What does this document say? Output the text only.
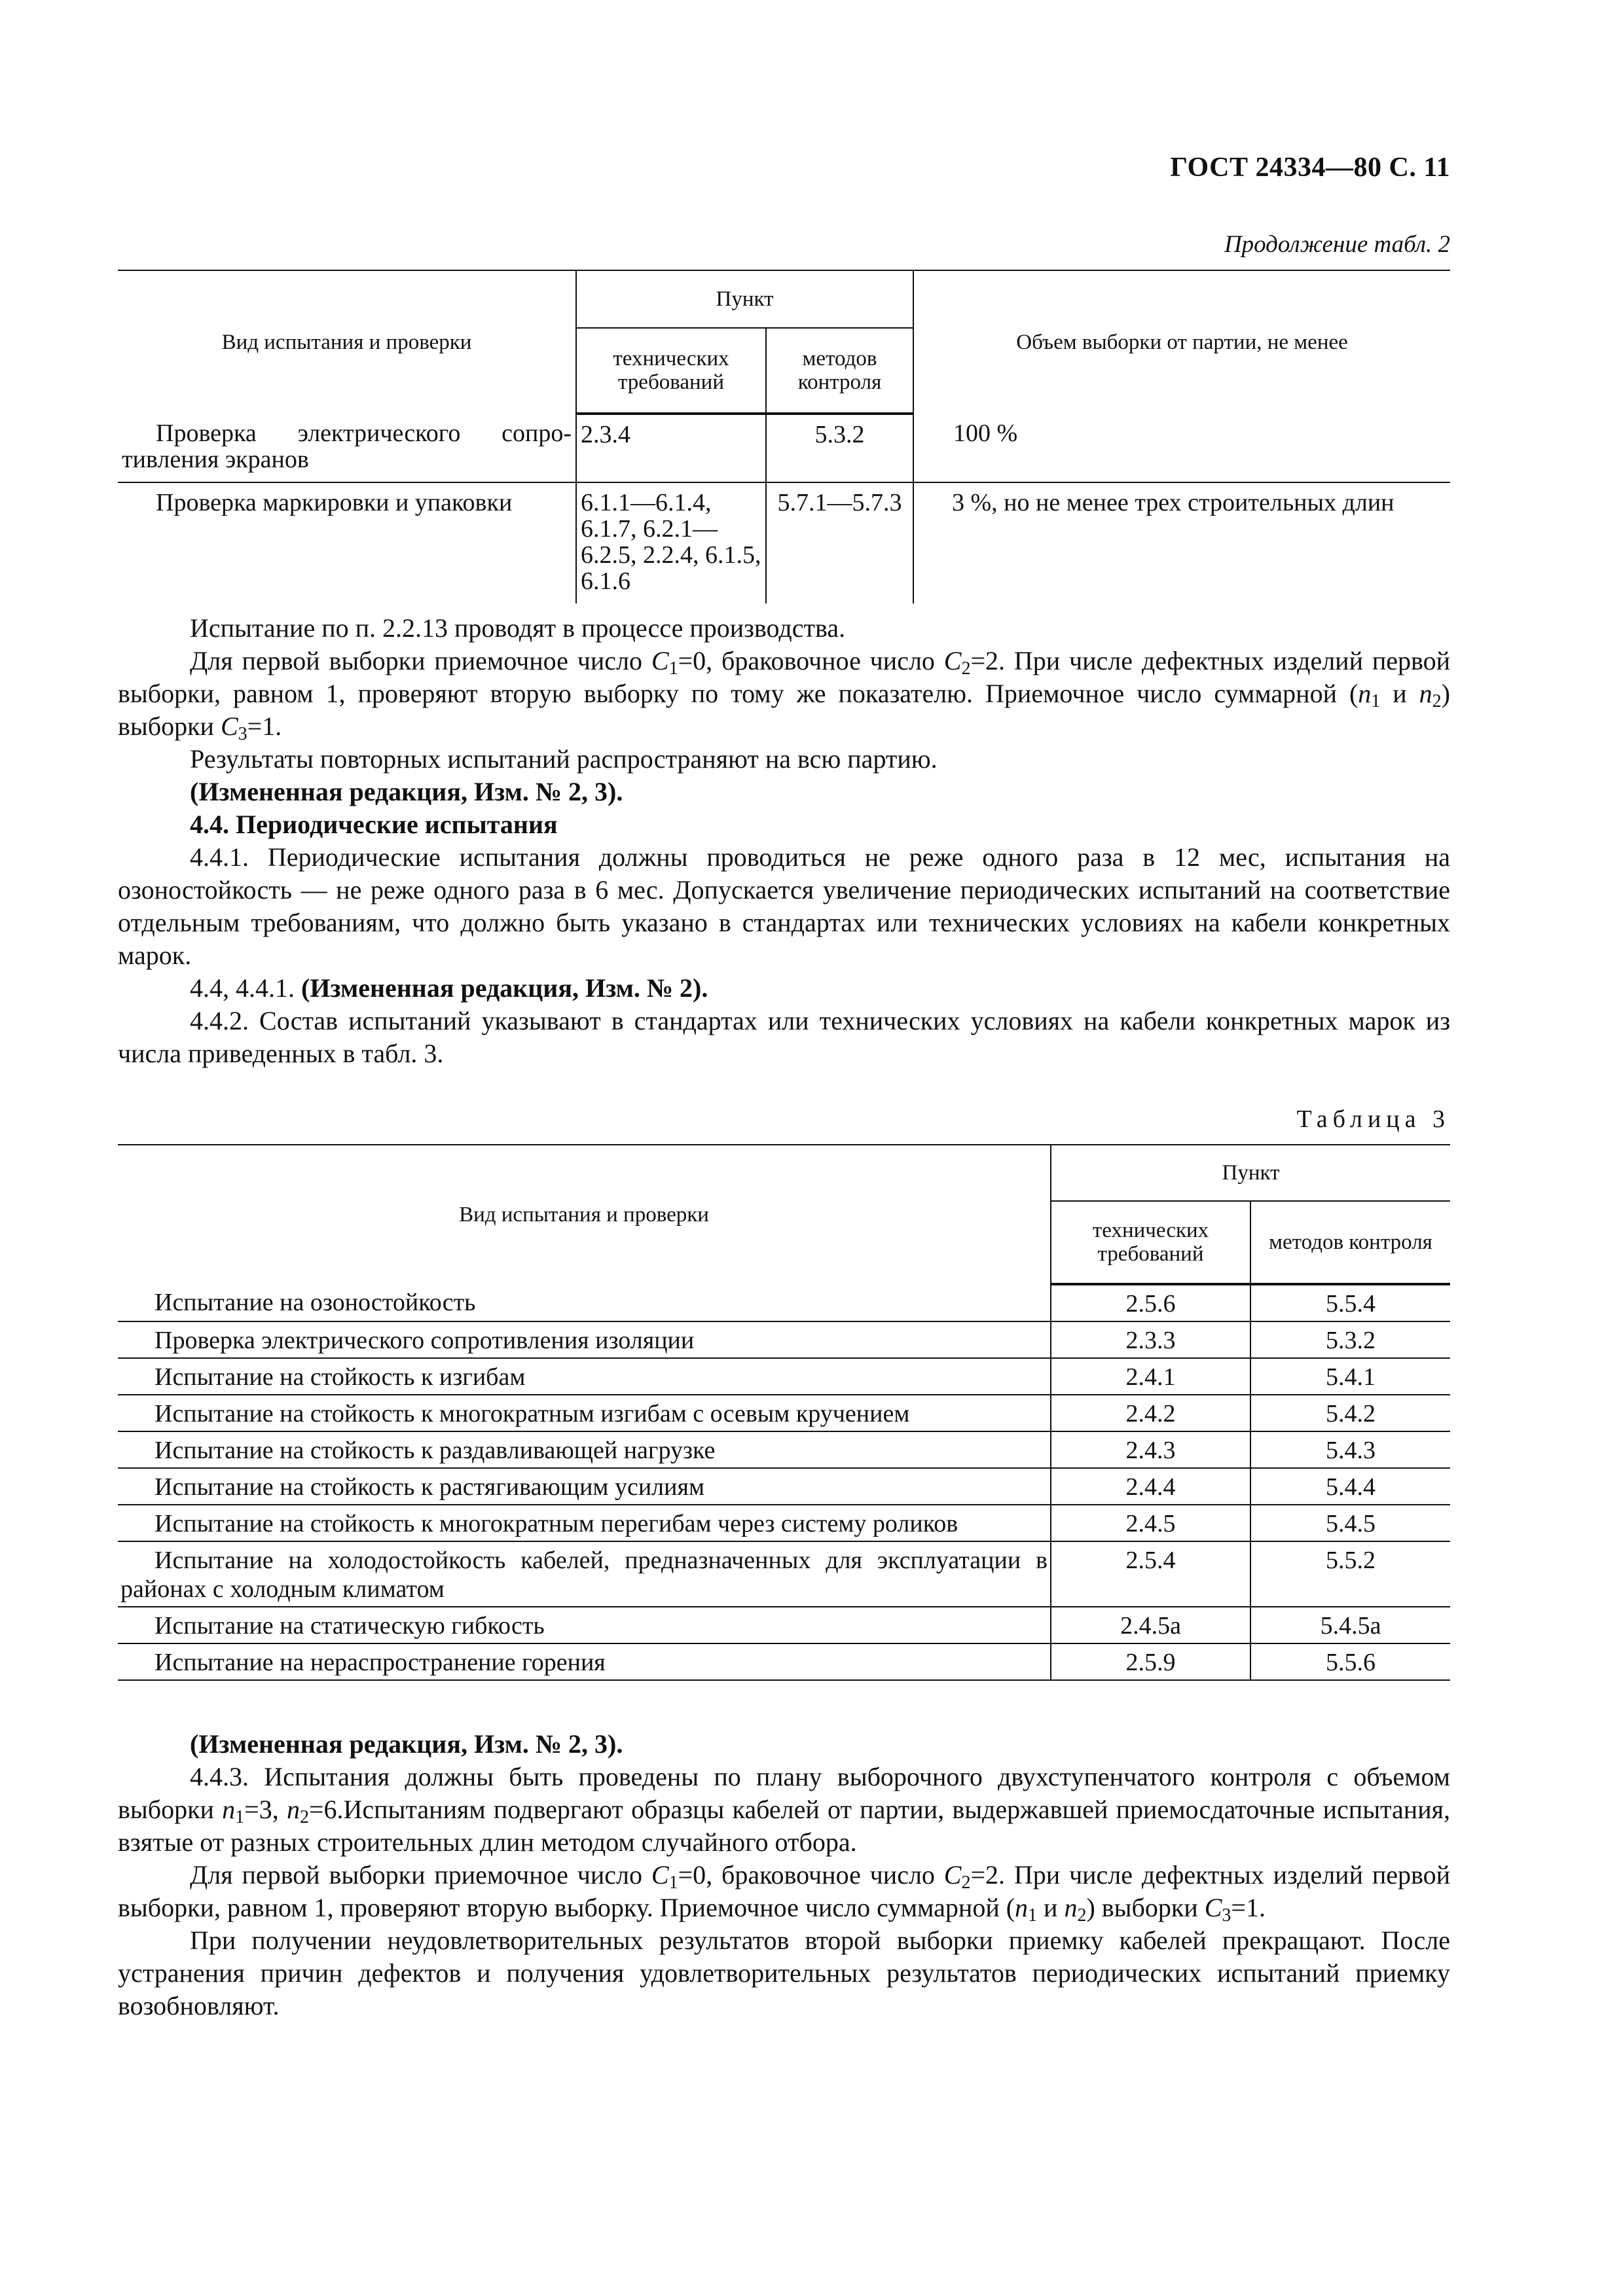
ГОСТ 24334—80 С. 11
Продолжение табл. 2
Вид испытания и проверки	Пункт		Объем выборки от партии, не менее
	технических требований	методов контроля	
Проверка электрического сопротивления экранов	2.3.4	5.3.2	100 %
Проверка маркировки и упаковки	6.1.1—6.1.4, 6.1.7, 6.2.1—6.2.5, 2.2.4, 6.1.5, 6.1.6	5.7.1—5.7.3	3 %, но не менее трех строительных длин

Испытание по п. 2.2.13 проводят в процессе производства.

Для первой выборки приемочное число $C_1=0$, браковочное число $C_2=2$. При числе дефектных изделий первой выборки, равном 1, проверяют вторую выборку по тому же показателю. Приемочное число суммарной ($n_1$ и $n_2$) выборки $C_3=1$.

Результаты повторных испытаний распространяют на всю партию.

(Измененная редакция, Изм. № 2, 3).

4.4. Периодические испытания

4.4.1. Периодические испытания должны проводиться не реже одного раза в 12 мес, испытания на озоностойкость — не реже одного раза в 6 мес. Допускается увеличение периодических испытаний на соответствие отдельным требованиям, что должно быть указано в стандартах или технических условиях на кабели конкретных марок.

4.4, 4.4.1. (Измененная редакция, Изм. № 2).

4.4.2. Состав испытаний указывают в стандартах или технических условиях на кабели конкретных марок из числа приведенных в табл. 3.

Таблица 3
Вид испытания и проверки	Пункт	
	технических требований	методов контроля
Испытание на озоностойкость	2.5.6	5.5.4
Проверка электрического сопротивления изоляции	2.3.3	5.3.2
Испытание на стойкость к изгибам	2.4.1	5.4.1
Испытание на стойкость к многократным изгибам с осевым кручением	2.4.2	5.4.2
Испытание на стойкость к раздавливающей нагрузке	2.4.3	5.4.3
Испытание на стойкость к растягивающим усилиям	2.4.4	5.4.4
Испытание на стойкость к многократным перегибам через систему роликов	2.4.5	5.4.5
Испытание на холодостойкость кабелей, предназначенных для эксплуатации в районах с холодным климатом	2.5.4	5.5.2
Испытание на статическую гибкость	2.4.5а	5.4.5а
Испытание на нераспространение горения	2.5.9	5.5.6

(Измененная редакция, Изм. № 2, 3).

4.4.3. Испытания должны быть проведены по плану выборочного двухступенчатого контроля с объемом выборки $n_1=3$, $n_2=6.Испытаниям$ подвергают образцы кабелей от партии, выдержавшей приемосдаточные испытания, взятые от разных строительных длин методом случайного отбора.

Для первой выборки приемочное число $C_1=0$, браковочное число $C_2=2$. При числе дефектных изделий первой выборки, равном 1, проверяют вторую выборку. Приемочное число суммарной ($n_1$ и $n_2$) выборки $C_3=1$.

При получении неудовлетворительных результатов второй выборки приемку кабелей прекращают. После устранения причин дефектов и получения удовлетворительных результатов периодических испытаний приемку возобновляют.
